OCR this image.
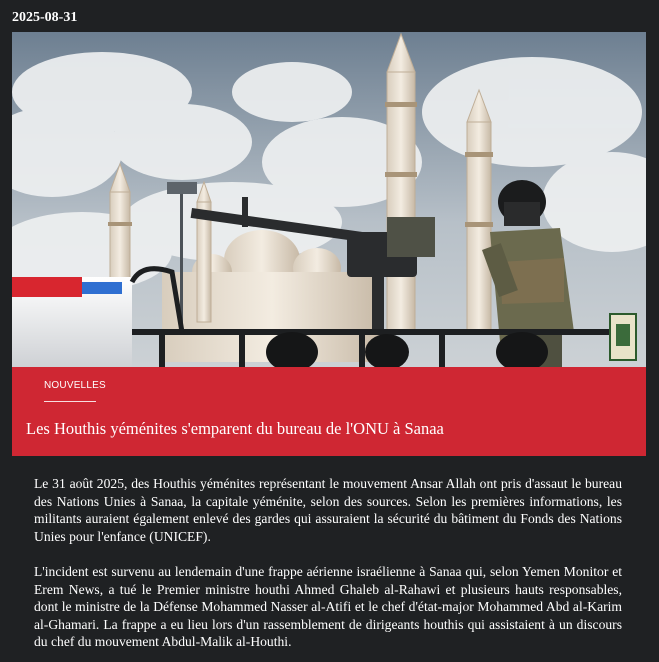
2025-08-31
NOUVELLES
Les Houthis yéménites s'emparent du bureau de l'ONU à Sanaa

Le 31 août 2025, des Houthis yéménites représentant le mouvement Ansar Allah ont pris d'assaut le bureau des Nations Unies à Sanaa, la capitale yéménite, selon des sources. Selon les premières informations, les militants auraient également enlevé des gardes qui assuraient la sécurité du bâtiment du Fonds des Nations Unies pour l'enfance (UNICEF).

L'incident est survenu au lendemain d'une frappe aérienne israélienne à Sanaa qui, selon Yemen Monitor et Erem News, a tué le Premier ministre houthi Ahmed Ghaleb al-Rahawi et plusieurs hauts responsables, dont le ministre de la Défense Mohammed Nasser al-Atifi et le chef d'état-major Mohammed Abd al-Karim al-Ghamari. La frappe a eu lieu lors d'un rassemblement de dirigeants houthis qui assistaient à un discours du chef du mouvement Abdul-Malik al-Houthi.
